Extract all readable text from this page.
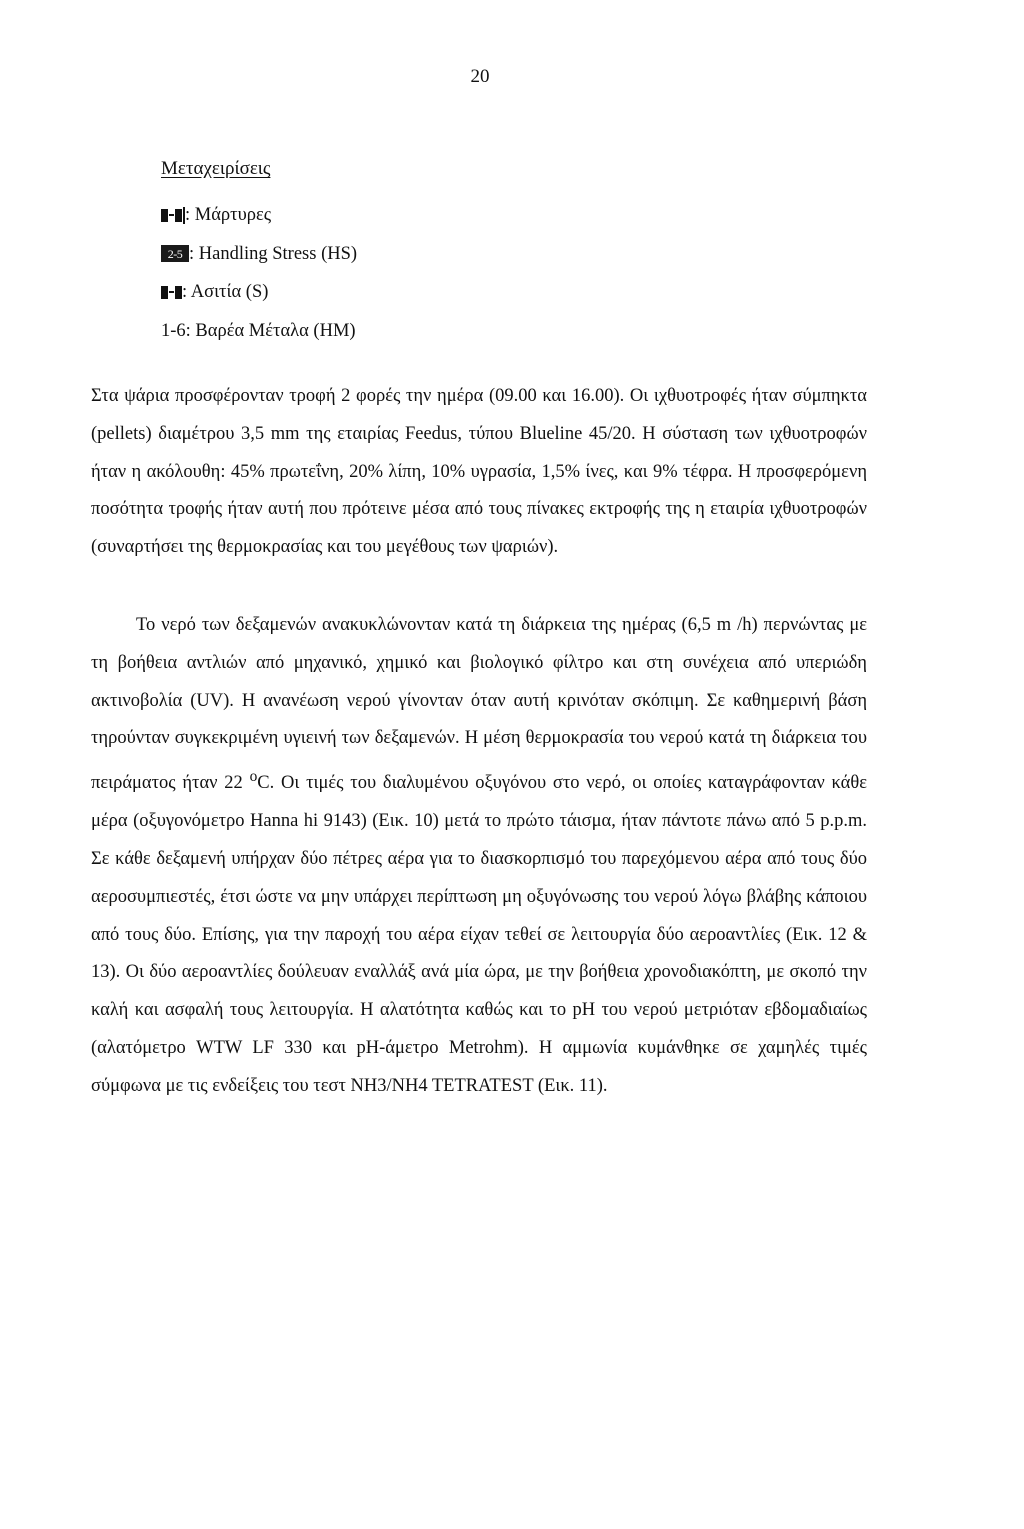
20
Μεταχειρίσεις
: Μάρτυρες
2-5 : Handling Stress (HS)
: Ασιτία (S)
1-6 : Βαρέα Μέταλα (HM)

Στα ψάρια προσφέρονταν τροφή 2 φορές την ημέρα (09.00 και 16.00). Οι ιχθυοτροφές ήταν σύμπηκτα (pellets) διαμέτρου 3,5 mm της εταιρίας Feedus, τύπου Blueline 45/20. Η σύσταση των ιχθυοτροφών ήταν η ακόλουθη: 45% πρωτεΐνη, 20% λίπη, 10% υγρασία, 1,5% ίνες, και 9% τέφρα. Η προσφερόμενη ποσότητα τροφής ήταν αυτή που πρότεινε μέσα από τους πίνακες εκτροφής της η εταιρία ιχθυοτροφών (συναρτήσει της θερμοκρασίας και του μεγέθους των ψαριών).

Το νερό των δεξαμενών ανακυκλώνονταν κατά τη διάρκεια της ημέρας (6,5 m /h) περνώντας με τη βοήθεια αντλιών από μηχανικό, χημικό και βιολογικό φίλτρο και στη συνέχεια από υπεριώδη ακτινοβολία (UV). Η ανανέωση νερού γίνονταν όταν αυτή κρινόταν σκόπιμη. Σε καθημερινή βάση τηρούνταν συγκεκριμένη υγιεινή των δεξαμενών. Η μέση θερμοκρασία του νερού κατά τη διάρκεια του πειράματος ήταν 22 $^o$C. Οι τιμές του διαλυμένου οξυγόνου στο νερό, οι οποίες καταγράφονταν κάθε μέρα (οξυγονόμετρο Hanna hi 9143) (Εικ. 10) μετά το πρώτο τάισμα, ήταν πάντοτε πάνω από 5 p.p.m. Σε κάθε δεξαμενή υπήρχαν δύο πέτρες αέρα για το διασκορπισμό του παρεχόμενου αέρα από τους δύο αεροσυμπιεστές, έτσι ώστε να μην υπάρχει περίπτωση μη οξυγόνωσης του νερού λόγω βλάβης κάποιου από τους δύο. Επίσης, για την παροχή του αέρα είχαν τεθεί σε λειτουργία δύο αεροαντλίες (Εικ. 12 & 13). Οι δύο αεροαντλίες δούλευαν εναλλάξ ανά μία ώρα, με την βοήθεια χρονοδιακόπτη, με σκοπό την καλή και ασφαλή τους λειτουργία. Η αλατότητα καθώς και το pH του νερού μετριόταν εβδομαδιαίως (αλατόμετρο WTW LF 330 και pH-άμετρο Metrohm). Η αμμωνία κυμάνθηκε σε χαμηλές τιμές σύμφωνα με τις ενδείξεις του τεστ NH3/NH4 TETRATEST (Εικ. 11).
